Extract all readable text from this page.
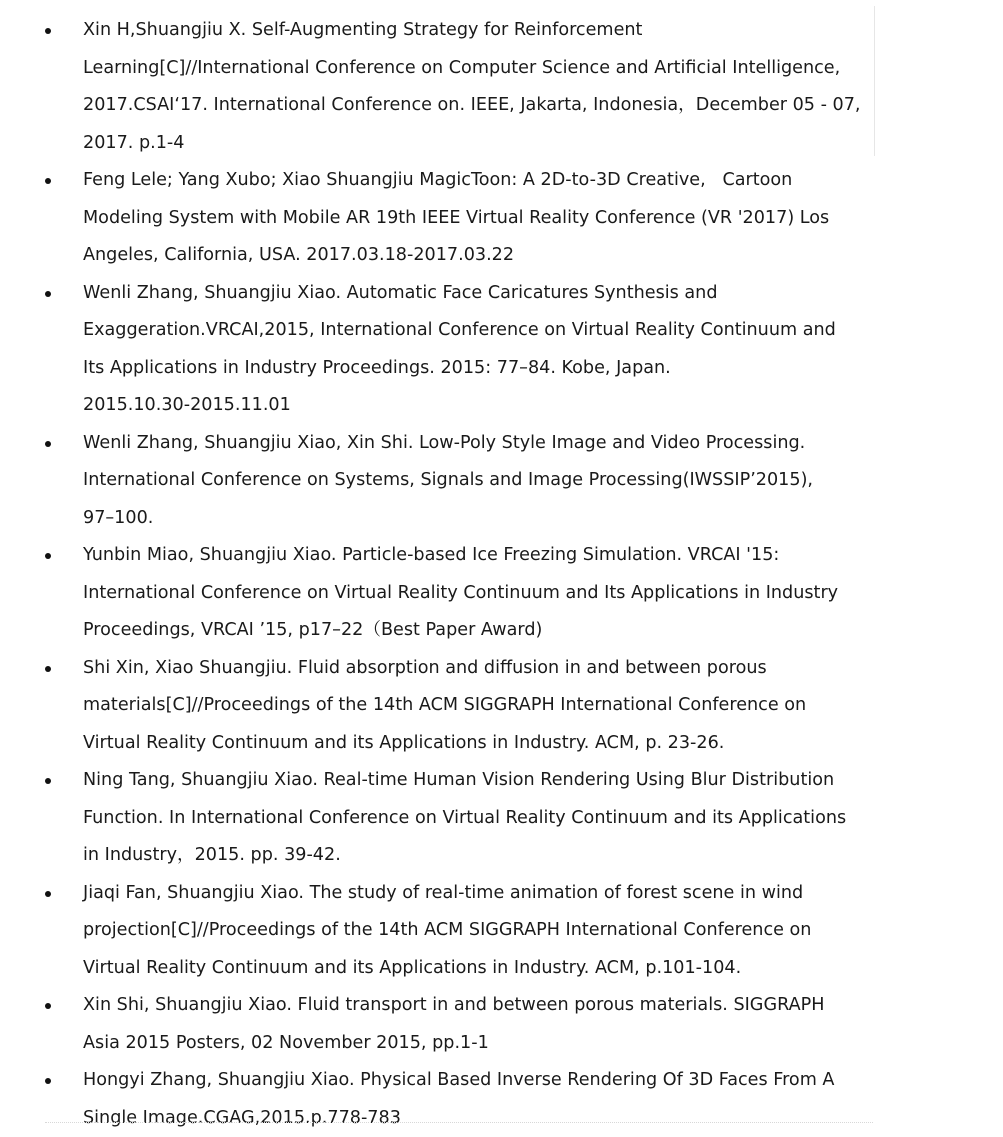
Xin H,Shuangjiu X. Self-Augmenting Strategy for Reinforcement
Learning[C]//International Conference on Computer Science and Artificial Intelligence,
2017.CSAI‘17. International Conference on. IEEE, Jakarta, Indonesia，December 05 - 07,
2017. p.1-4
Feng Lele; Yang Xubo; Xiao Shuangjiu MagicToon: A 2D-to-3D Creative,   Cartoon
Modeling System with Mobile AR 19th IEEE Virtual Reality Conference (VR '2017) Los
Angeles, California, USA. 2017.03.18-2017.03.22
Wenli Zhang, Shuangjiu Xiao. Automatic Face Caricatures Synthesis and
Exaggeration.VRCAI,2015, International Conference on Virtual Reality Continuum and
Its Applications in Industry Proceedings. 2015: 77–84. Kobe, Japan.
2015.10.30-2015.11.01
Wenli Zhang, Shuangjiu Xiao, Xin Shi. Low-Poly Style Image and Video Processing.
International Conference on Systems, Signals and Image Processing(IWSSIP’2015),
97–100.
Yunbin Miao, Shuangjiu Xiao. Particle-based Ice Freezing Simulation. VRCAI '15:
International Conference on Virtual Reality Continuum and Its Applications in Industry
Proceedings, VRCAI ’15, p17–22（Best Paper Award)
Shi Xin, Xiao Shuangjiu. Fluid absorption and diffusion in and between porous
materials[C]//Proceedings of the 14th ACM SIGGRAPH International Conference on
Virtual Reality Continuum and its Applications in Industry. ACM, p. 23-26.
Ning Tang, Shuangjiu Xiao. Real-time Human Vision Rendering Using Blur Distribution
Function. In International Conference on Virtual Reality Continuum and its Applications
in Industry，2015. pp. 39-42.
Jiaqi Fan, Shuangjiu Xiao. The study of real-time animation of forest scene in wind
projection[C]//Proceedings of the 14th ACM SIGGRAPH International Conference on
Virtual Reality Continuum and its Applications in Industry. ACM, p.101-104.
Xin Shi, Shuangjiu Xiao. Fluid transport in and between porous materials. SIGGRAPH
Asia 2015 Posters, 02 November 2015, pp.1-1
Hongyi Zhang, Shuangjiu Xiao. Physical Based Inverse Rendering Of 3D Faces From A
Single Image.CGAG,2015.p.778-783
